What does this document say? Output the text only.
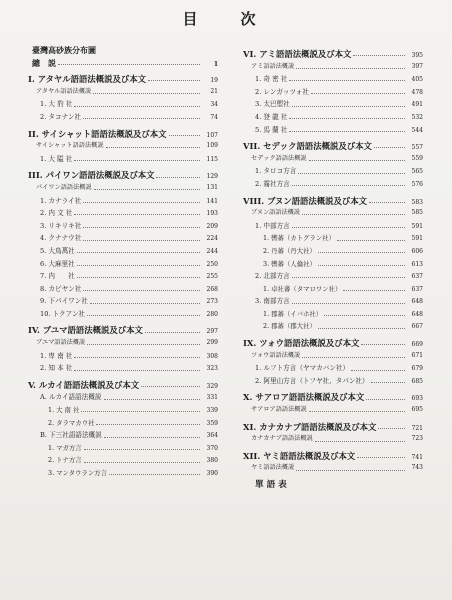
目　次
臺灣高砂族分布圖
總　説	1
I. アタヤル語語法概説及び本文	19
アタヤル語語法概説	21
1. 大 豹 社	34
2. タコナン社	74
II. サイシャット語語法概説及び本文	107
サイシャット語語法概説	109
1. 大 隘 社	115
III. パイワン語語法概説及び本文	129
パイワン語語法概説	131
1. カナライ社	141
2. 内 文 社	193
3. リキリキ社	209
4. クナナウ社	224
5. 大鳥萬社	244
6. 大麻里社	250
7. 内　　社	255
8. カピヤン社	268
9. 下パイワン社	273
10. トクアン社	280
IV. ブユマ語語法概説及び本文	297
ブユマ語語法概説	299
1. 卑 南 社	308
2. 知 本 社	323
V. ルカイ語語法概説及び本文	329
A. ルカイ語語法概説	331
1. 大 南 社	339
2. タラマカウ社	359
B. 下三社語語法概説	364
1. マガ方言	370
2. トナ方言	380
3. マンタウラン方言	390
VI. アミ語語法概説及び本文	395
アミ語語法概説	397
1. 奇 密 社	405
2. レンガッツォ社	478
3. 太巴塱社	491
4. 登 龍 社	532
5. 馬 蘭 社	544
VII. セデック語語法概説及び本文	557
セデック語語法概説	559
1. タロコ方言	565
2. 霧社方言	576
VIII. ブヌン語語法概説及び本文	583
ブヌン語語法概説	585
1. 中部方言	591
1. 轡蕃（カトグラン社）	591
2. 丹蕃（丹大社）	606
3. 轡蕃（人倫社）	613
2. 北部方言	637
1. 卓社蕃（タマロワン社）	637
3. 南部方言	648
1. 郡蕃（イバホ社）	648
2. 郡蕃（郡大社）	667
IX. ツォウ語語法概説及び本文	669
ツォウ語語法概説	671
1. ルフト方言（ヤマカバン社）	679
2. 阿里山方言（トフヤ社、タパン社）	685
X. サアロア語語法概説及び本文	693
サアロア語語法概説	695
XI. カナカナブ語語法概説及び本文	721
カナカナブ語語法概説	723
XII. ヤミ語語法概説及び本文	741
ヤミ語語法概説	743
單 語 表
